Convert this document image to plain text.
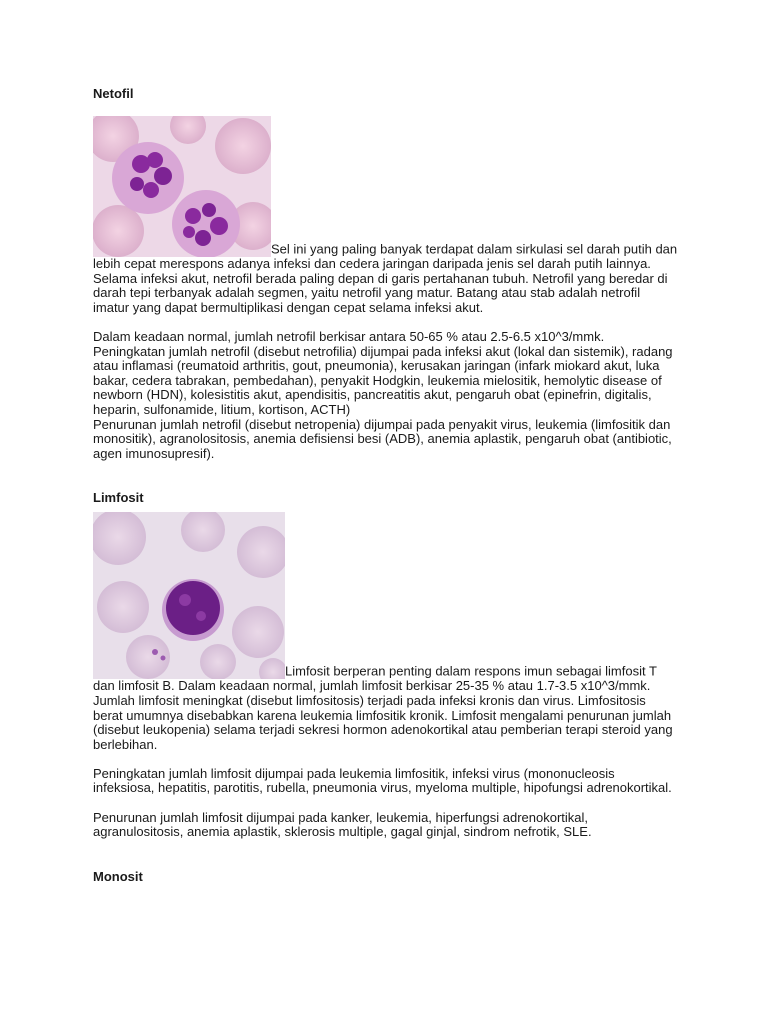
Netofil

Sel ini yang paling banyak terdapat dalam sirkulasi sel darah putih dan lebih cepat merespons adanya infeksi dan cedera jaringan daripada jenis sel darah putih lainnya. Selama infeksi akut, netrofil berada paling depan di garis pertahanan tubuh. Netrofil yang beredar di darah tepi terbanyak adalah segmen, yaitu netrofil yang matur. Batang atau stab adalah netrofil imatur yang dapat bermultiplikasi dengan cepat selama infeksi akut.

Dalam keadaan normal, jumlah netrofil berkisar antara 50-65 % atau 2.5-6.5 x10^3/mmk.

Peningkatan jumlah netrofil (disebut netrofilia) dijumpai pada infeksi akut (lokal dan sistemik), radang atau inflamasi (reumatoid arthritis, gout, pneumonia), kerusakan jaringan (infark miokard akut, luka bakar, cedera tabrakan, pembedahan), penyakit Hodgkin, leukemia mielositik, hemolytic disease of newborn (HDN), kolesistitis akut, apendisitis, pancreatitis akut, pengaruh obat (epinefrin, digitalis, heparin, sulfonamide, litium, kortison, ACTH)

Penurunan jumlah netrofil (disebut netropenia) dijumpai pada penyakit virus, leukemia (limfositik dan monositik), agranolositosis, anemia defisiensi besi (ADB), anemia aplastik, pengaruh obat (antibiotic, agen imunosupresif).

Limfosit

Limfosit berperan penting dalam respons imun sebagai limfosit T dan limfosit B. Dalam keadaan normal, jumlah limfosit berkisar 25-35 % atau 1.7-3.5 x10^3/mmk. Jumlah limfosit meningkat (disebut limfositosis) terjadi pada infeksi kronis dan virus. Limfositosis berat umumnya disebabkan karena leukemia limfositik kronik. Limfosit mengalami penurunan jumlah (disebut leukopenia) selama terjadi sekresi hormon adenokortikal atau pemberian terapi steroid yang berlebihan.

Peningkatan jumlah limfosit dijumpai pada leukemia limfositik, infeksi virus (mononucleosis infeksiosa, hepatitis, parotitis, rubella, pneumonia virus, myeloma multiple, hipofungsi adrenokortikal.

Penurunan jumlah limfosit dijumpai pada kanker, leukemia, hiperfungsi adrenokortikal, agranulositosis, anemia aplastik, sklerosis multiple, gagal ginjal, sindrom nefrotik, SLE.

Monosit
